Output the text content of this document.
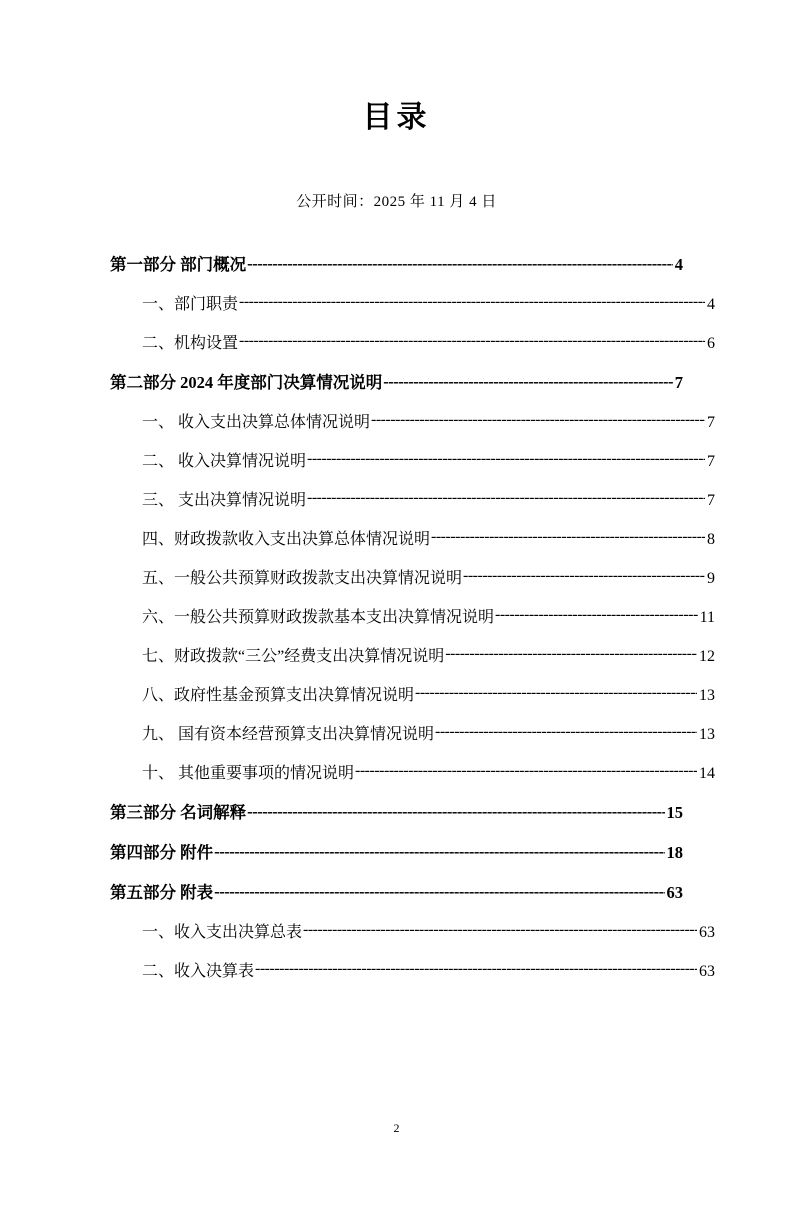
目录
公开时间：2025 年 11 月 4 日
第一部分 部门概况 -----	4
一、部门职责 -----	4
二、机构设置 -----	6
第二部分 2024 年度部门决算情况说明 -----	7
一、 收入支出决算总体情况说明 -----	7
二、 收入决算情况说明 -----	7
三、 支出决算情况说明 -----	7
四、财政拨款收入支出决算总体情况说明 -----	8
五、一般公共预算财政拨款支出决算情况说明 -----	9
六、一般公共预算财政拨款基本支出决算情况说明 -----	11
七、财政拨款“三公”经费支出决算情况说明 -----	12
八、政府性基金预算支出决算情况说明 -----	13
九、 国有资本经营预算支出决算情况说明 -----	13
十、 其他重要事项的情况说明 -----	14
第三部分 名词解释 -----	15
第四部分 附件 -----	18
第五部分 附表 -----	63
一、收入支出决算总表 -----	63
二、收入决算表 -----	63
2
